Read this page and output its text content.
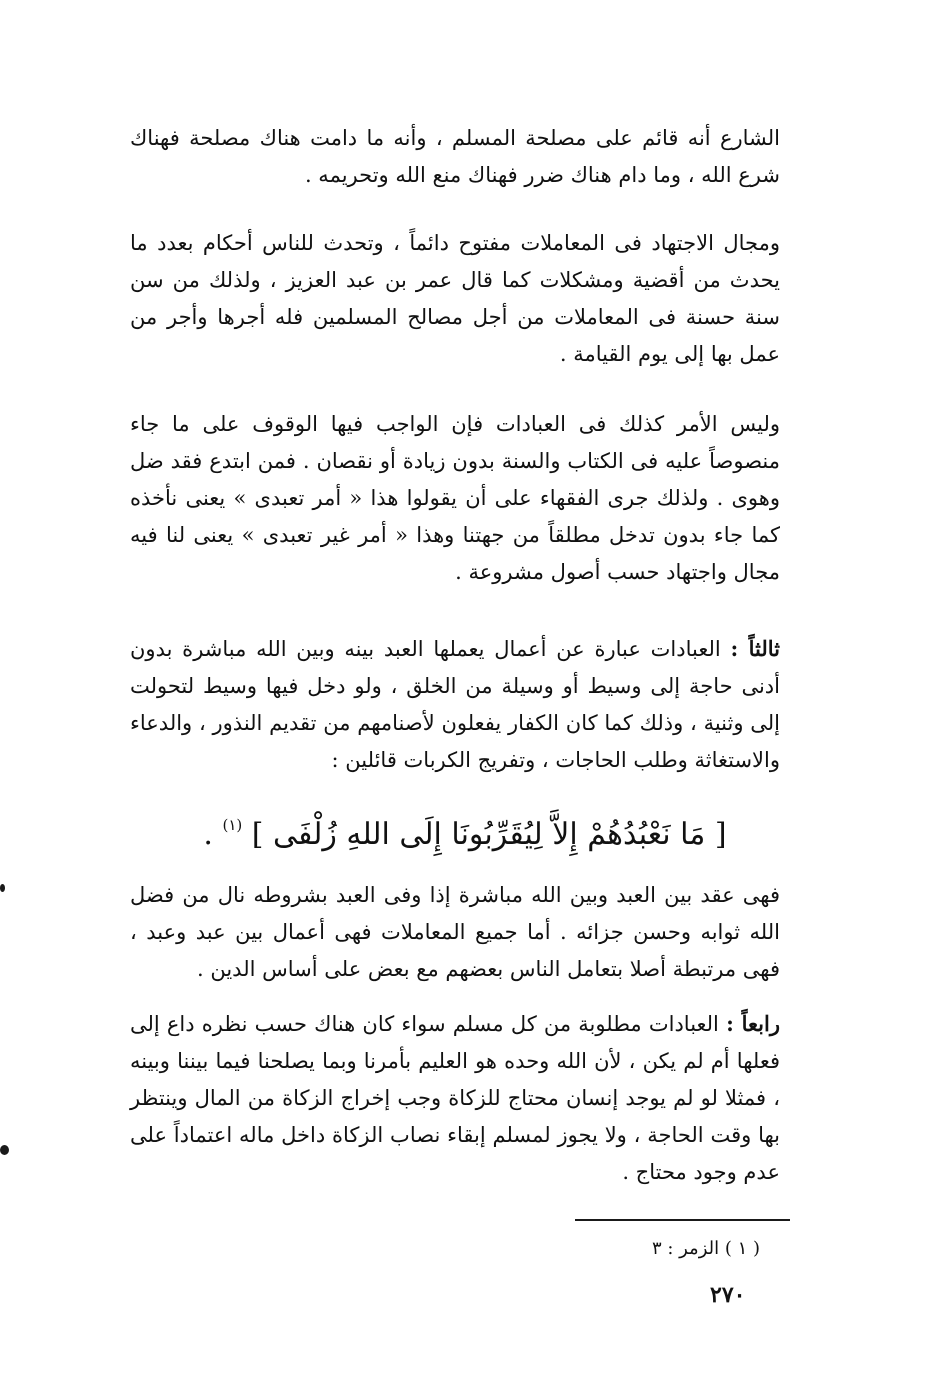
الشارع أنه قائم على مصلحة المسلم ، وأنه ما دامت هناك مصلحة فهناك شرع الله ، وما دام هناك ضرر فهناك منع الله وتحريمه .

ومجال الاجتهاد فى المعاملات مفتوح دائماً ، وتحدث للناس أحكام بعدد ما يحدث من أقضية ومشكلات كما قال عمر بن عبد العزيز ، ولذلك من سن سنة حسنة فى المعاملات من أجل مصالح المسلمين فله أجرها وأجر من عمل بها إلى يوم القيامة .

وليس الأمر كذلك فى العبادات فإن الواجب فيها الوقوف على ما جاء منصوصاً عليه فى الكتاب والسنة بدون زيادة أو نقصان . فمن ابتدع فقد ضل وهوى . ولذلك جرى الفقهاء على أن يقولوا هذا « أمر تعبدى » يعنى نأخذه كما جاء بدون تدخل مطلقاً من جهتنا وهذا « أمر غير تعبدى » يعنى لنا فيه مجال واجتهاد حسب أصول مشروعة .

ثالثاً : العبادات عبارة عن أعمال يعملها العبد بينه وبين الله مباشرة بدون أدنى حاجة إلى وسيط أو وسيلة من الخلق ، ولو دخل فيها وسيط لتحولت إلى وثنية ، وذلك كما كان الكفار يفعلون لأصنامهم من تقديم النذور ، والدعاء والاستغاثة وطلب الحاجات ، وتفريج الكربات قائلين :

[ مَا نَعْبُدُهُمْ إِلاَّ لِيُقَرِّبُونَا إِلَى اللهِ زُلْفَى ] $^{(١)}$ .

فهى عقد بين العبد وبين الله مباشرة إذا وفى العبد بشروطه نال من فضل الله ثوابه وحسن جزائه . أما جميع المعاملات فهى أعمال بين عبد وعبد ، فهى مرتبطة أصلا بتعامل الناس بعضهم مع بعض على أساس الدين .

رابعاً : العبادات مطلوبة من كل مسلم سواء كان هناك حسب نظره داع إلى فعلها أم لم يكن ، لأن الله وحده هو العليم بأمرنا وبما يصلحنا فيما بيننا وبينه ، فمثلا لو لم يوجد إنسان محتاج للزكاة وجب إخراج الزكاة من المال وينتظر بها وقت الحاجة ، ولا يجوز لمسلم إبقاء نصاب الزكاة داخل ماله اعتماداً على عدم وجود محتاج .

( ١ ) الزمر : ٣
٢٧٠
